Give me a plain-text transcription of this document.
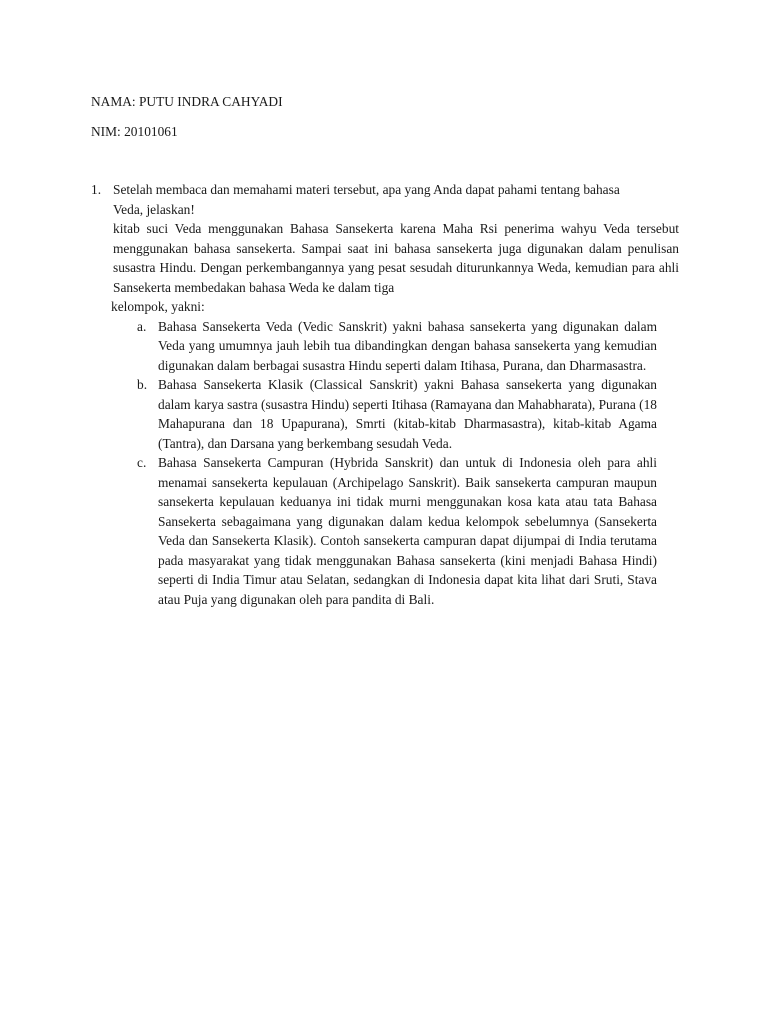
NAMA: PUTU INDRA CAHYADI
NIM: 20101061
1. Setelah membaca dan memahami materi tersebut, apa yang Anda dapat pahami tentang bahasa Veda, jelaskan!
kitab suci Veda menggunakan Bahasa Sansekerta karena Maha Rsi penerima wahyu Veda tersebut menggunakan bahasa sansekerta. Sampai saat ini bahasa sansekerta juga digunakan dalam penulisan susastra Hindu. Dengan perkembangannya yang pesat sesudah diturunkannya Weda, kemudian para ahli Sansekerta membedakan bahasa Weda ke dalam tiga
kelompok, yakni:
a. Bahasa Sansekerta Veda (Vedic Sanskrit) yakni bahasa sansekerta yang digunakan dalam Veda yang umumnya jauh lebih tua dibandingkan dengan bahasa sansekerta yang kemudian digunakan dalam berbagai susastra Hindu seperti dalam Itihasa, Purana, dan Dharmasastra.
b. Bahasa Sansekerta Klasik (Classical Sanskrit) yakni Bahasa sansekerta yang digunakan dalam karya sastra (susastra Hindu) seperti Itihasa (Ramayana dan Mahabharata), Purana (18 Mahapurana dan 18 Upapurana), Smrti (kitab-kitab Dharmasastra), kitab-kitab Agama (Tantra), dan Darsana yang berkembang sesudah Veda.
c. Bahasa Sansekerta Campuran (Hybrida Sanskrit) dan untuk di Indonesia oleh para ahli menamai sansekerta kepulauan (Archipelago Sanskrit). Baik sansekerta campuran maupun sansekerta kepulauan keduanya ini tidak murni menggunakan kosa kata atau tata Bahasa Sansekerta sebagaimana yang digunakan dalam kedua kelompok sebelumnya (Sansekerta Veda dan Sansekerta Klasik). Contoh sansekerta campuran dapat dijumpai di India terutama pada masyarakat yang tidak menggunakan Bahasa sansekerta (kini menjadi Bahasa Hindi) seperti di India Timur atau Selatan, sedangkan di Indonesia dapat kita lihat dari Sruti, Stava atau Puja yang digunakan oleh para pandita di Bali.
